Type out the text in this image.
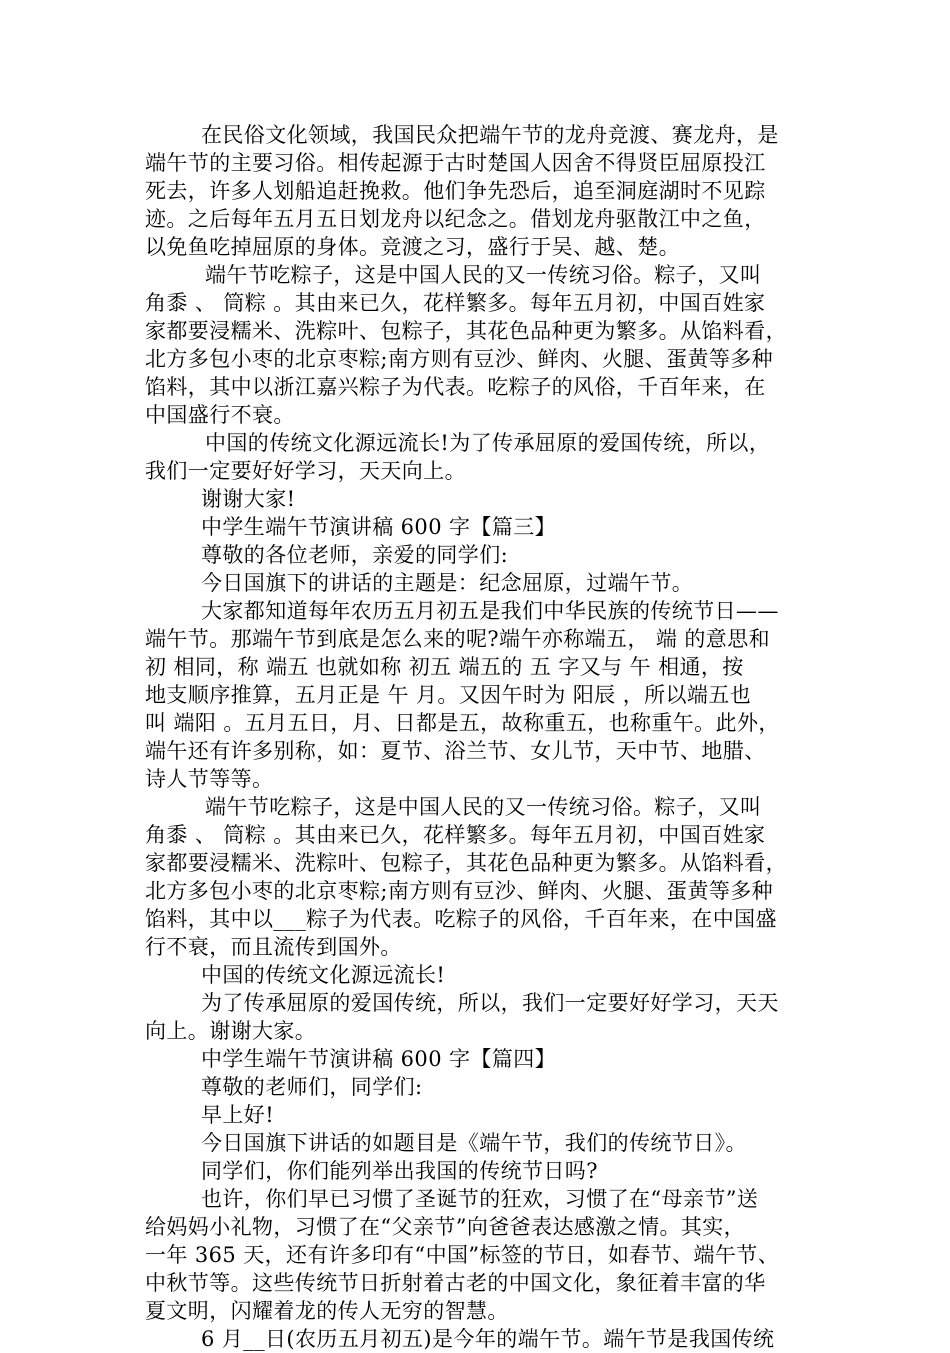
在民俗文化领域，我国民众把端午节的龙舟竞渡、赛龙舟，是
端午节的主要习俗。相传起源于古时楚国人因舍不得贤臣屈原投江
死去，许多人划船追赶挽救。他们争先恐后，追至洞庭湖时不见踪
迹。之后每年五月五日划龙舟以纪念之。借划龙舟驱散江中之鱼，
以免鱼吃掉屈原的身体。竞渡之习，盛行于吴、越、楚。
端午节吃粽子，这是中国人民的又一传统习俗。粽子，又叫
角黍 、 筒粽 。其由来已久，花样繁多。每年五月初，中国百姓家
家都要浸糯米、洗粽叶、包粽子，其花色品种更为繁多。从馅料看，
北方多包小枣的北京枣粽;南方则有豆沙、鲜肉、火腿、蛋黄等多种
馅料，其中以浙江嘉兴粽子为代表。吃粽子的风俗，千百年来，在
中国盛行不衰。
中国的传统文化源远流长!为了传承屈原的爱国传统，所以，
我们一定要好好学习，天天向上。
谢谢大家!
中学生端午节演讲稿 600 字【篇三】
尊敬的各位老师，亲爱的同学们:
今日国旗下的讲话的主题是：纪念屈原，过端午节。
大家都知道每年农历五月初五是我们中华民族的传统节日——
端午节。那端午节到底是怎么来的呢?端午亦称端五， 端 的意思和
初 相同，称 端五 也就如称 初五 端五的 五 字又与 午 相通，按
地支顺序推算，五月正是 午 月。又因午时为 阳辰 ，所以端五也
叫 端阳 。五月五日，月、日都是五，故称重五，也称重午。此外，
端午还有许多别称，如：夏节、浴兰节、女儿节，天中节、地腊、
诗人节等等。
端午节吃粽子，这是中国人民的又一传统习俗。粽子，又叫
角黍 、 筒粽 。其由来已久，花样繁多。每年五月初，中国百姓家
家都要浸糯米、洗粽叶、包粽子，其花色品种更为繁多。从馅料看，
北方多包小枣的北京枣粽;南方则有豆沙、鲜肉、火腿、蛋黄等多种
馅料，其中以___粽子为代表。吃粽子的风俗，千百年来，在中国盛
行不衰，而且流传到国外。
中国的传统文化源远流长!
为了传承屈原的爱国传统，所以，我们一定要好好学习，天天
向上。谢谢大家。
中学生端午节演讲稿 600 字【篇四】
尊敬的老师们，同学们:
早上好!
今日国旗下讲话的如题目是《端午节，我们的传统节日》。
同学们，你们能列举出我国的传统节日吗?
也许，你们早已习惯了圣诞节的狂欢，习惯了在“母亲节”送
给妈妈小礼物，习惯了在“父亲节”向爸爸表达感激之情。其实，
一年 365 天，还有许多印有“中国”标签的节日，如春节、端午节、
中秋节等。这些传统节日折射着古老的中国文化，象征着丰富的华
夏文明，闪耀着龙的传人无穷的智慧。
6 月__日(农历五月初五)是今年的端午节。端午节是我国传统
